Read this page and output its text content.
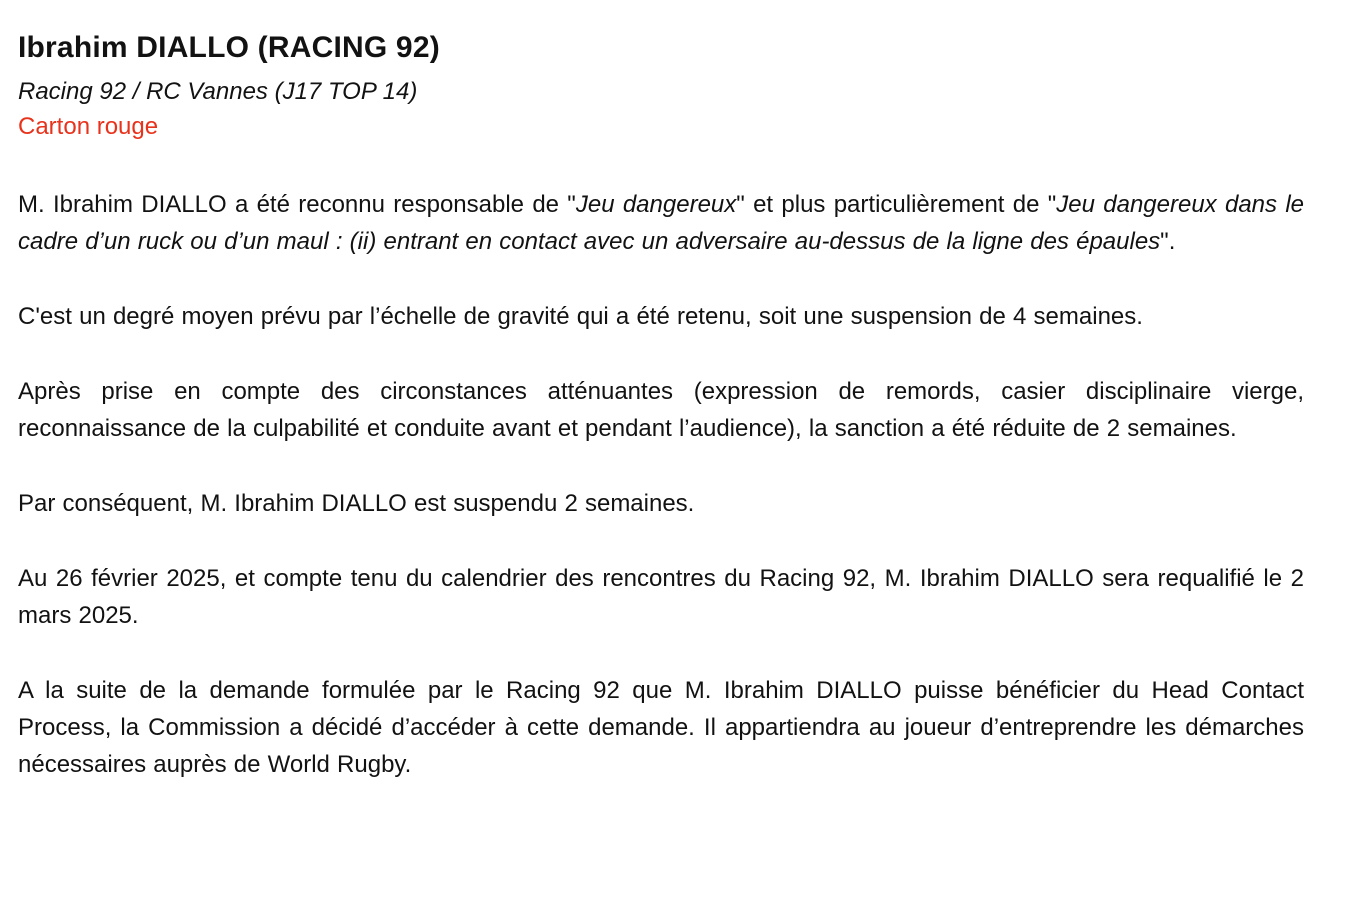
Ibrahim DIALLO (RACING 92)
Racing 92 / RC Vannes (J17 TOP 14)
Carton rouge

M. Ibrahim DIALLO a été reconnu responsable de "Jeu dangereux" et plus particulièrement de "Jeu dangereux dans le cadre d’un ruck ou d’un maul : (ii) entrant en contact avec un adversaire au-dessus de la ligne des épaules".

C'est un degré moyen prévu par l’échelle de gravité qui a été retenu, soit une suspension de 4 semaines.

Après prise en compte des circonstances atténuantes (expression de remords, casier disciplinaire vierge, reconnaissance de la culpabilité et conduite avant et pendant l’audience), la sanction a été réduite de 2 semaines.

Par conséquent, M. Ibrahim DIALLO est suspendu 2 semaines.

Au 26 février 2025, et compte tenu du calendrier des rencontres du Racing 92, M. Ibrahim DIALLO sera requalifié le 2 mars 2025.

A la suite de la demande formulée par le Racing 92 que M. Ibrahim DIALLO puisse bénéficier du Head Contact Process, la Commission a décidé d’accéder à cette demande. Il appartiendra au joueur d’entreprendre les démarches nécessaires auprès de World Rugby.
